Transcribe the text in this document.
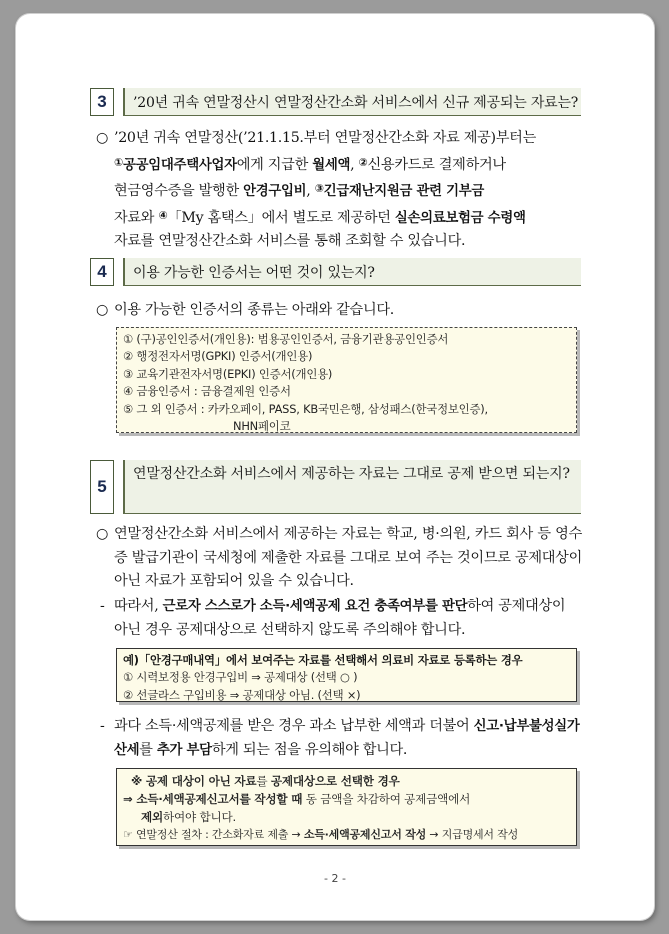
3	’20년 귀속 연말정산시 연말정산간소화 서비스에서 신규 제공되는 자료는?
○ ’20년 귀속 연말정산(’21.1.15.부터 연말정산간소화 자료 제공)부터는
①공공임대주택사업자에게 지급한 월세액, ②신용카드로 결제하거나
현금영수증을 발행한 안경구입비, ③긴급재난지원금 관련 기부금
자료와 ④「My 홈택스」에서 별도로 제공하던 실손의료보험금 수령액
자료를 연말정산간소화 서비스를 통해 조회할 수 있습니다.
4	이용 가능한 인증서는 어떤 것이 있는지?
○ 이용 가능한 인증서의 종류는 아래와 같습니다.
① (구)공인인증서(개인용): 범용공인인증서, 금융기관용공인인증서
② 행정전자서명(GPKI) 인증서(개인용)
③ 교육기관전자서명(EPKI) 인증서(개인용)
④ 금융인증서 : 금융결제원 인증서
⑤ 그 외 인증서 : 카카오페이, PASS, KB국민은행, 삼성패스(한국정보인증),
NHN페이코
5
연말정산간소화 서비스에서 제공하는 자료는 그대로 공제 받으면 되는지?
○ 연말정산간소화 서비스에서 제공하는 자료는 학교, 병·의원, 카드 회사 등 영수증 발급기관이 국세청에 제출한 자료를 그대로 보여 주는 것이므로 공제대상이 아닌 자료가 포함되어 있을 수 있습니다.
- 따라서, 근로자 스스로가 소득·세액공제 요건 충족여부를 판단하여 공제대상이 아닌 경우 공제대상으로 선택하지 않도록 주의해야 합니다.
예)「안경구매내역」에서 보여주는 자료를 선택해서 의료비 자료로 등록하는 경우
① 시력보정용 안경구입비 ⇒ 공제대상 (선택 ○ )
② 선글라스 구입비용 ⇒ 공제대상 아님. (선택 ×)
- 과다 소득·세액공제를 받은 경우 과소 납부한 세액과 더불어 신고·납부불성실가산세를 추가 부담하게 되는 점을 유의해야 합니다.
※ 공제 대상이 아닌 자료를 공제대상으로 선택한 경우
⇒ 소득·세액공제신고서를 작성할 때 동 금액을 차감하여 공제금액에서
제외하여야 합니다.
☞ 연말정산 절차 : 간소화자료 제출 → 소득·세액공제신고서 작성 → 지급명세서 작성
- 2 -
